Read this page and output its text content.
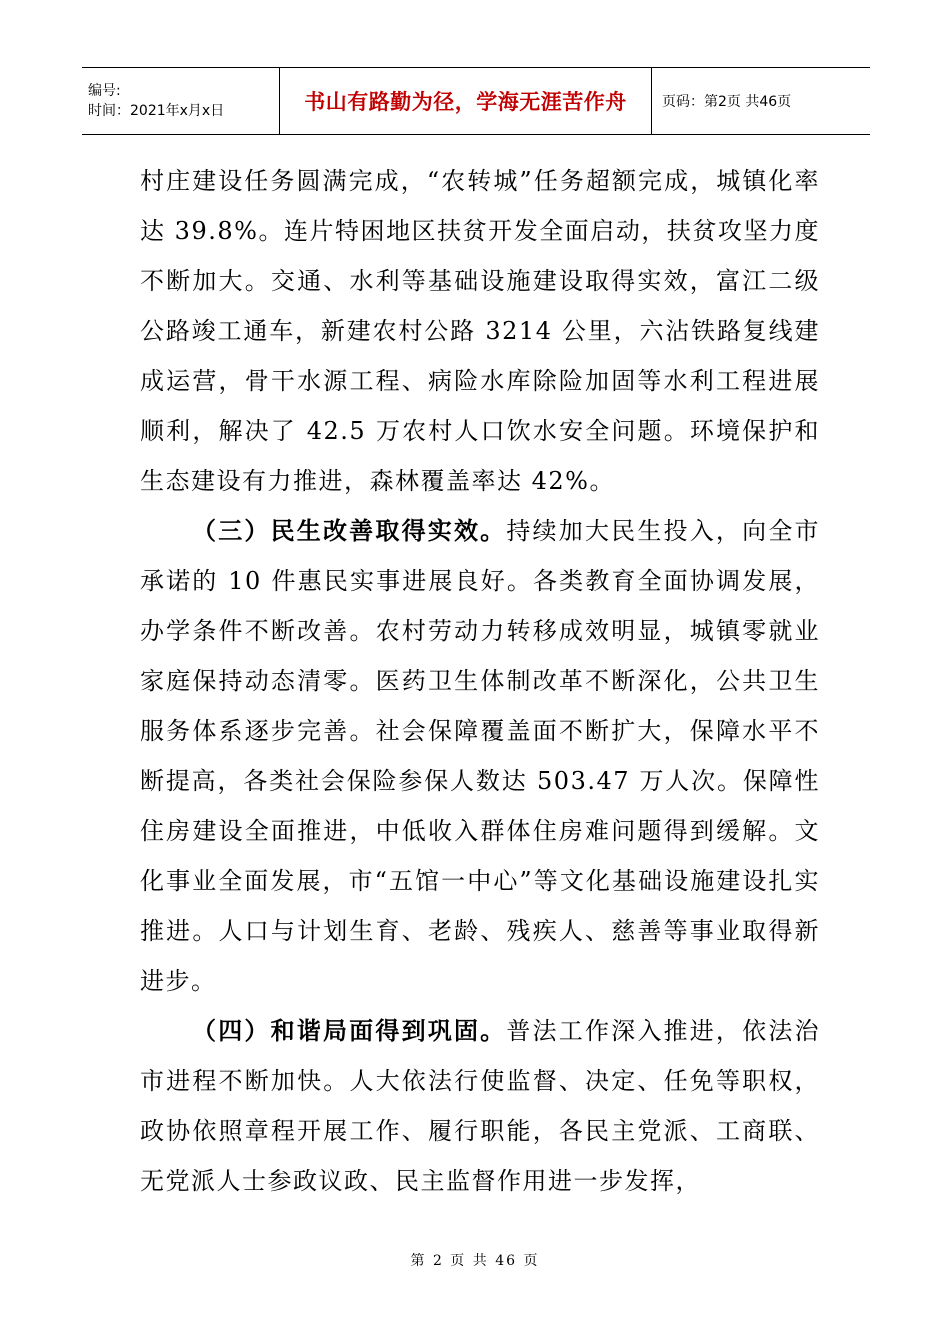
编号:
时间：2021年x月x日	书山有路勤为径，学海无涯苦作舟	页码：第2页 共46页

村庄建设任务圆满完成，“农转城”任务超额完成，城镇化率达 39.8%。连片特困地区扶贫开发全面启动，扶贫攻坚力度不断加大。交通、水利等基础设施建设取得实效，富江二级公路竣工通车，新建农村公路 3214 公里，六沾铁路复线建成运营，骨干水源工程、病险水库除险加固等水利工程进展顺利，解决了 42.5 万农村人口饮水安全问题。环境保护和生态建设有力推进，森林覆盖率达 42%。

（三）民生改善取得实效。持续加大民生投入，向全市承诺的 10 件惠民实事进展良好。各类教育全面协调发展，办学条件不断改善。农村劳动力转移成效明显，城镇零就业家庭保持动态清零。医药卫生体制改革不断深化，公共卫生服务体系逐步完善。社会保障覆盖面不断扩大，保障水平不断提高，各类社会保险参保人数达 503.47 万人次。保障性住房建设全面推进，中低收入群体住房难问题得到缓解。文化事业全面发展，市“五馆一中心”等文化基础设施建设扎实推进。人口与计划生育、老龄、残疾人、慈善等事业取得新进步。

（四）和谐局面得到巩固。普法工作深入推进，依法治市进程不断加快。人大依法行使监督、决定、任免等职权，政协依照章程开展工作、履行职能，各民主党派、工商联、无党派人士参政议政、民主监督作用进一步发挥，

第 2 页 共 46 页
